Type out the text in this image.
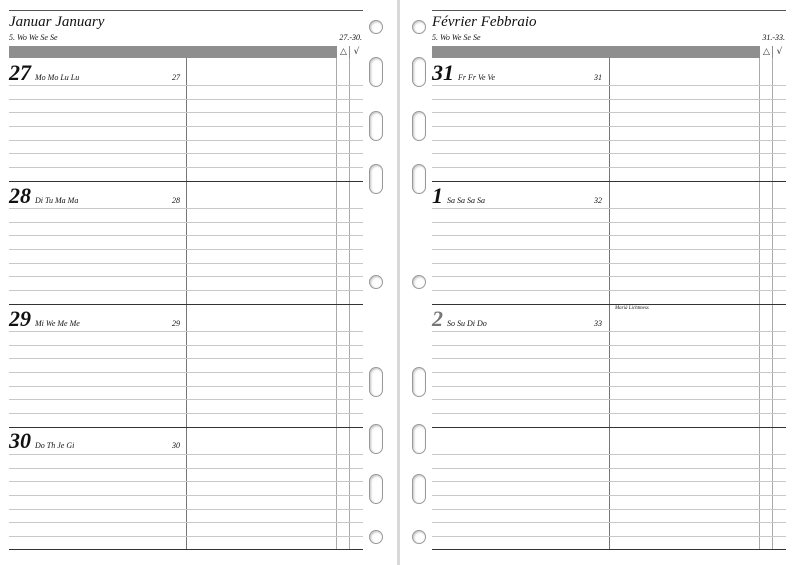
Januar January
5. Wo We Se Se	27.-30.
△ √
27 Mo Mo Lu Lu	27
28 Di Tu Ma Ma	28
29 Mi We Me Me	29
30 Do Th Je Gi	30
Février Febbraio
5. Wo We Se Se	31.-33.
△ √
31 Fr Fr Ve Ve	31
1 Sa Sa Sa Sa	32
2 So Su Di Do	33
Mariä Lichtmess
